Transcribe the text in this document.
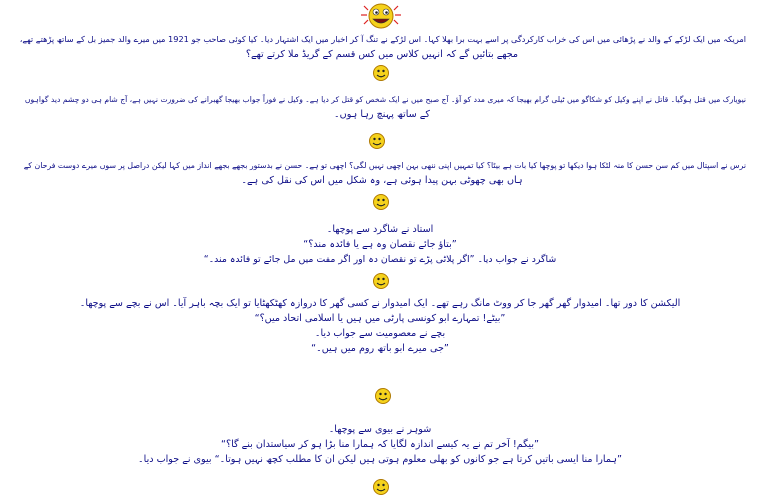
امریکہ میں ایک لڑکے کے والد نے پڑھائی میں اس کی خراب کارکردگی پر اسے بہت برا بھلا کہا۔ اس لڑکے نے تنگ آ کر اخبار میں ایک اشتہار دیا۔ کیا کوئی صاحب جو 1921 میں میرے والد جمیز بل کے ساتھ پڑھتے تھے،

مجھے بتائیں گے کہ انہیں کلاس میں کس قسم کے گریڈ ملا کرتے تھے؟

نیویارک میں قتل ہوگیا۔ قاتل نے اپنے وکیل کو شکاگو میں ٹیلی گرام بھیجا کہ میری مدد کو آؤ۔ آج صبح میں نے ایک شخص کو قتل کر دیا ہے۔ وکیل نے فوراً جواب بھیجا گھبرانے کی ضرورت نہیں ہے، آج شام ہی دو چشم دید گواہوں

کے ساتھ پہنچ رہا ہوں۔

نرس نے اسپتال میں کم سن حسن کا منہ لٹکا ہوا دیکھا تو پوچھا کیا بات ہے بیٹا؟ کیا تمہیں اپنی ننھی بہن اچھی نہیں لگی؟ اچھی تو ہے۔ حسن نے بدستور بجھے بجھے انداز میں کہا لیکن دراصل پر سوں میرے دوست فرحان کے

ہاں بھی چھوٹی بہن پیدا ہوئی ہے، وہ شکل میں اس کی نقل کی ہے۔

استاد نے شاگرد سے پوچھا۔

”بتاؤ جائے نقصان وہ ہے یا فائدہ مند؟“

شاگرد نے جواب دیا۔ ”اگر پلاٹی پڑے تو نقصان دہ اور اگر مفت میں مل جائے تو فائدہ مند۔“

الیکشن کا دور تھا۔ امیدوار گھر گھر جا کر ووٹ مانگ رہے تھے۔ ایک امیدوار نے کسی گھر کا دروازہ کھٹکھٹایا تو ایک بچہ باہر آیا۔ اس نے بچے سے پوچھا۔

”بیٹے! تمہارے ابو کونسی پارٹی میں ہیں یا اسلامی اتحاد میں؟“

بچے نے معصومیت سے جواب دیا۔

”جی میرے ابو باتھ روم میں ہیں۔“

شوہر نے بیوی سے پوچھا۔

”بیگم! آخر تم نے یہ کیسے اندازہ لگایا کہ ہمارا منا بڑا ہو کر سیاستدان بنے گا؟“

”ہمارا منا ایسی باتیں کرتا ہے جو کانوں کو بھلی معلوم ہوتی ہیں لیکن ان کا مطلب کچھ نہیں ہوتا۔“ بیوی نے جواب دیا۔
